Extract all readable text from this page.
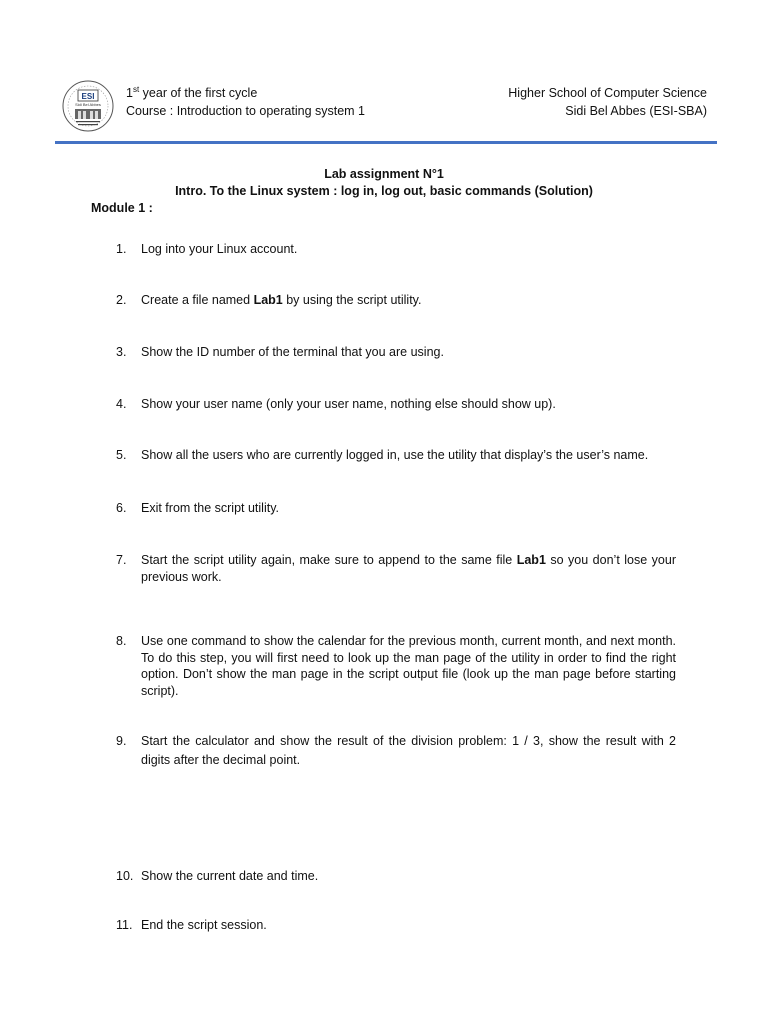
ESI
Sidi Bel Abbes
1st year of the first cycle
Course : Introduction to operating system 1
Higher School of Computer Science
Sidi Bel Abbes (ESI-SBA)
Lab assignment N°1
Intro. To the Linux system : log in, log out, basic commands (Solution)
Module 1 :
1.	Log into your Linux account.
2.	Create a file named Lab1 by using the script utility.
3.	Show the ID number of the terminal that you are using.
4.	Show your user name (only your user name, nothing else should show up).
5.	Show all the users who are currently logged in, use the utility that display’s the user’s name.
6.	Exit from the script utility.
7.	Start the script utility again, make sure to append to the same file Lab1 so you don’t lose your previous work.
8.	Use one command to show the calendar for the previous month, current month, and next month. To do this step, you will first need to look up the man page of the utility in order to find the right option. Don’t show the man page in the script output file (look up the man page before starting script).
9.	Start the calculator and show the result of the division problem: 1 / 3, show the result with 2 digits after the decimal point.
10. Show the current date and time.
11. End the script session.
